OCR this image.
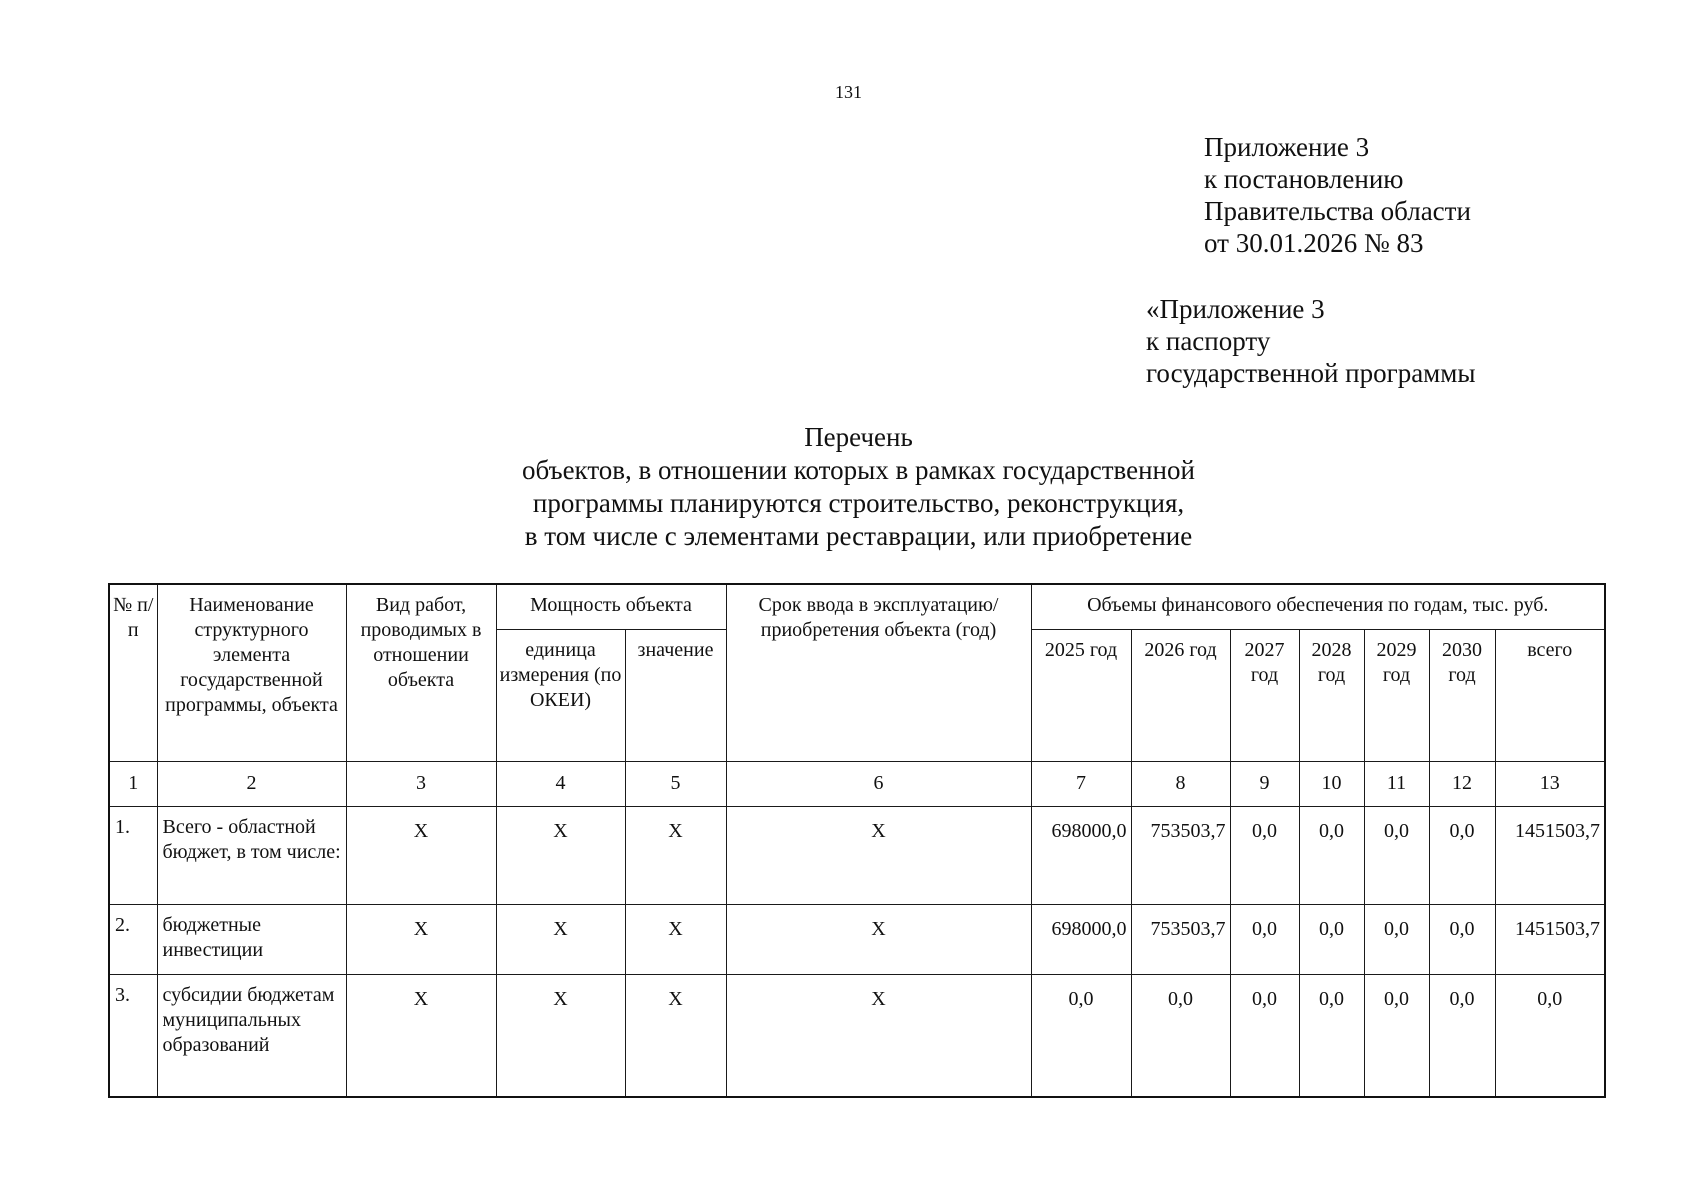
131
Приложение 3
к постановлению
Правительства области
от 30.01.2026 № 83
«Приложение 3
к паспорту
государственной программы
Перечень
объектов, в отношении которых в рамках государственной
программы планируются строительство, реконструкция,
в том числе с элементами реставрации, или приобретение
№ п/п	Наименование структурного элемента государственной программы, объекта	Вид работ, проводимых в отношении объекта	Мощность объекта		Срок ввода в эксплуатацию/приобретения объекта (год)	Объемы финансового обеспечения по годам, тыс. руб.						
			единица измерения (по ОКЕИ)	значение		2025 год	2026 год	2027 год	2028 год	2029 год	2030 год	всего
1	2	3	4	5	6	7	8	9	10	11	12	13
1.	Всего - областной бюджет, в том числе:	Х	Х	Х	Х	698000,0	753503,7	0,0	0,0	0,0	0,0	1451503,7
2.	бюджетные инвестиции	Х	Х	Х	Х	698000,0	753503,7	0,0	0,0	0,0	0,0	1451503,7
3.	субсидии бюджетам муниципальных образований	Х	Х	Х	Х	0,0	0,0	0,0	0,0	0,0	0,0	0,0
